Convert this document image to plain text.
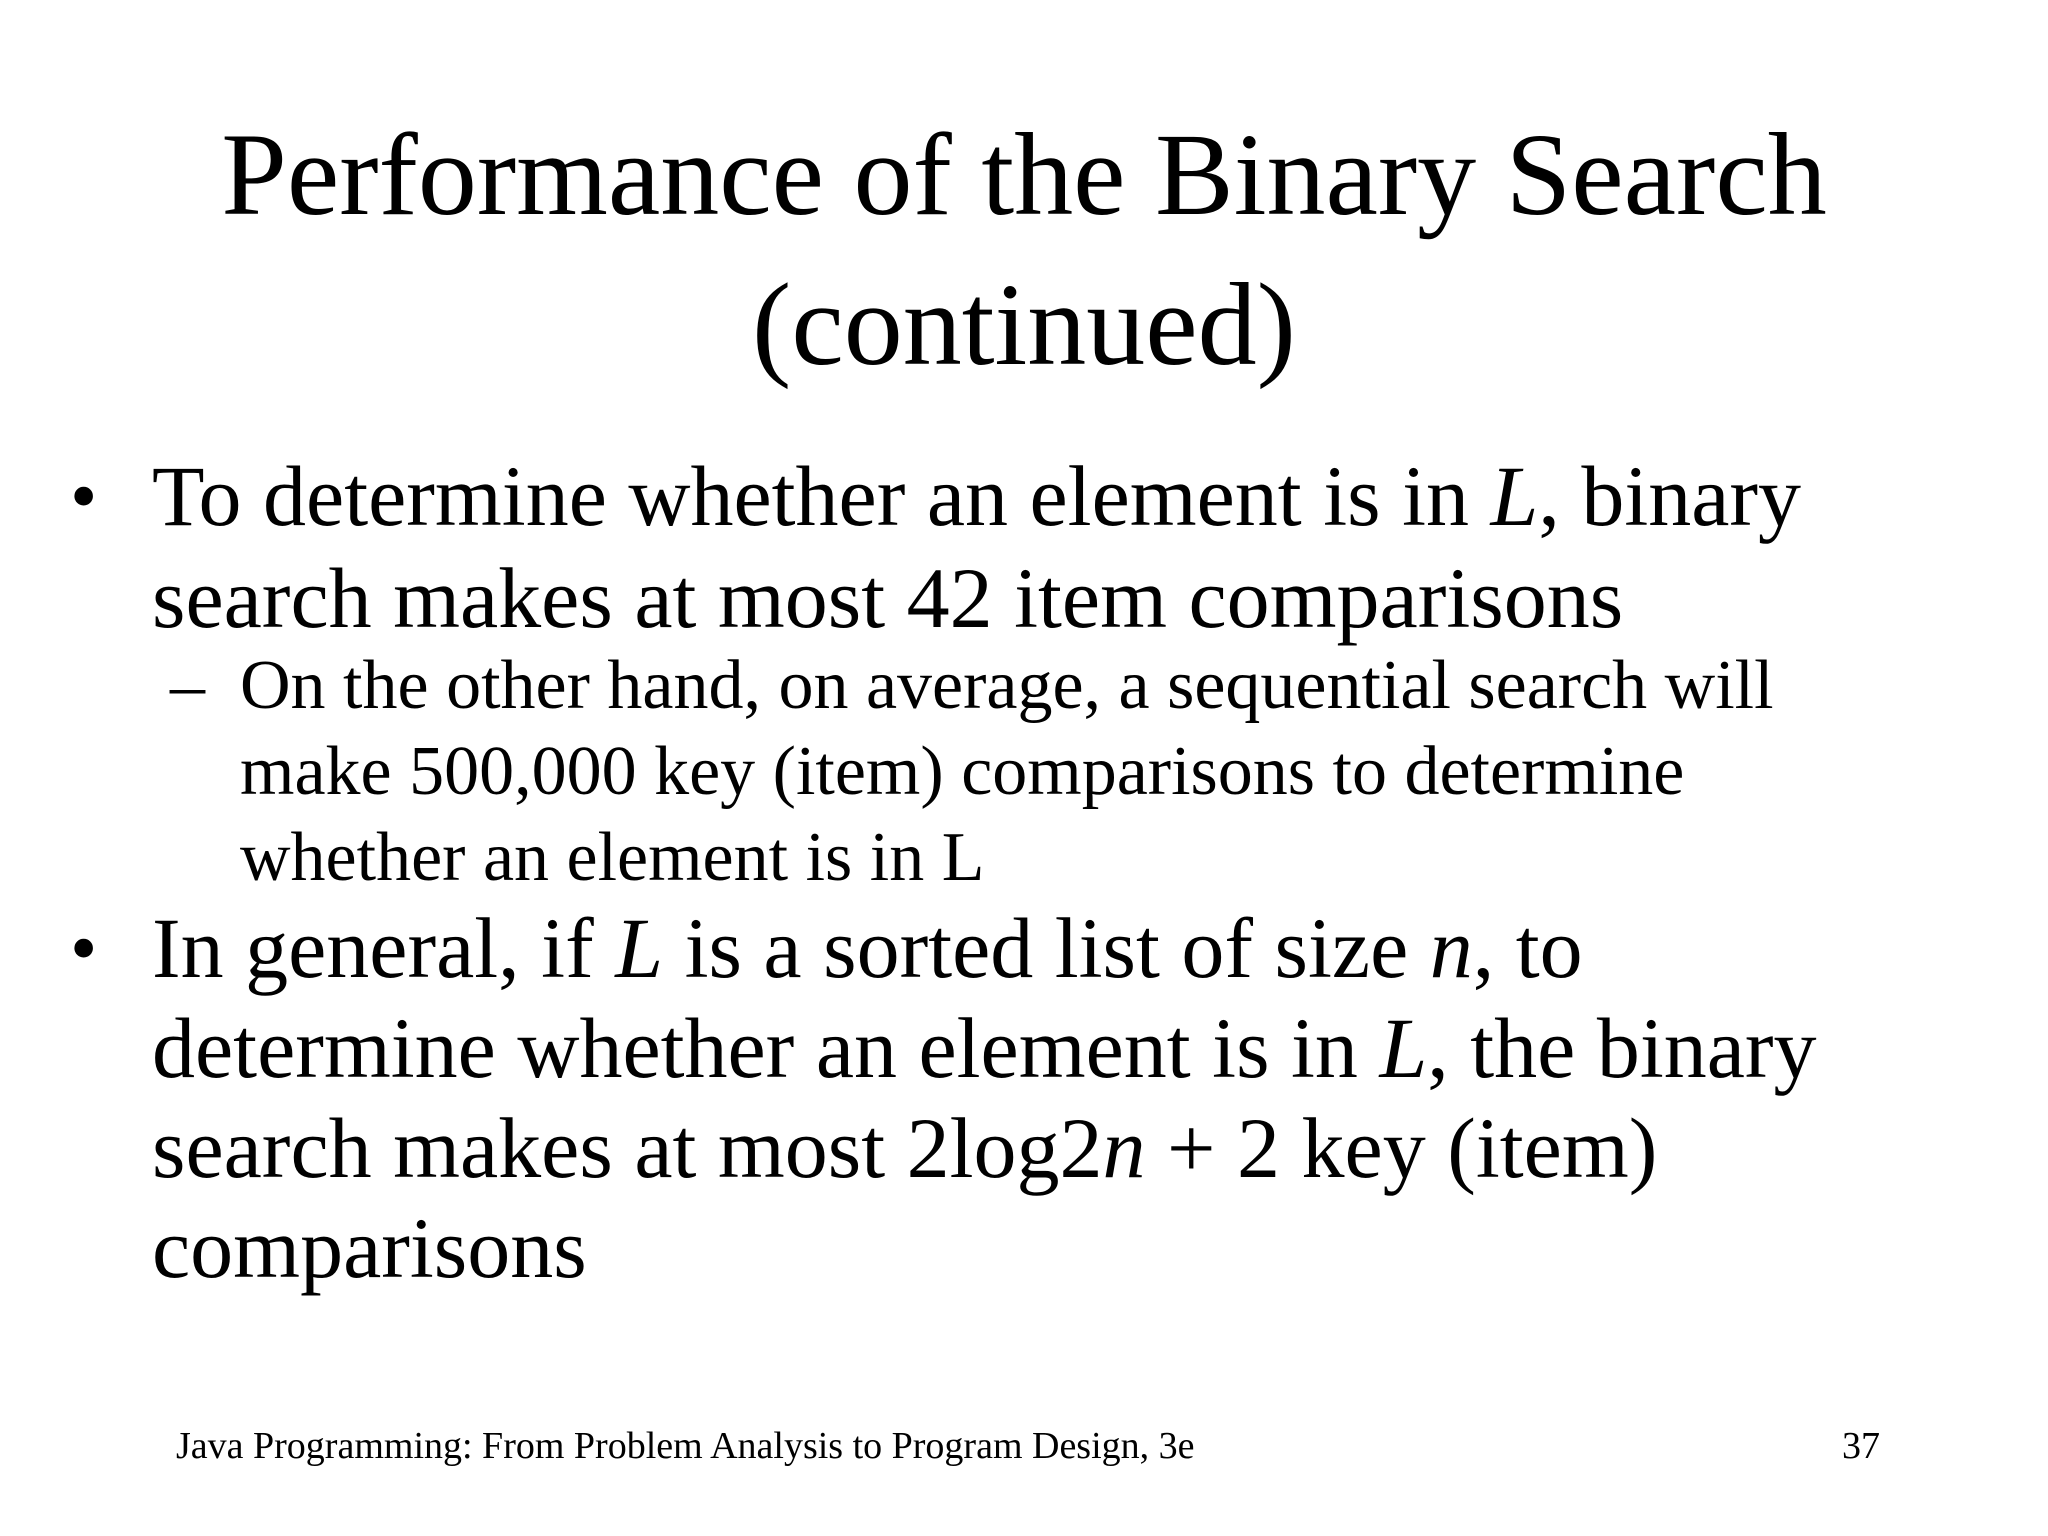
Performance of the Binary Search
(continued)
• To determine whether an element is in L, binary
search makes at most 42 item comparisons
– On the other hand, on average, a sequential search will
make 500,000 key (item) comparisons to determine
whether an element is in L
• In general, if L is a sorted list of size n, to
determine whether an element is in L, the binary
search makes at most 2log2n + 2 key (item)
comparisons
Java Programming: From Problem Analysis to Program Design, 3e	37
